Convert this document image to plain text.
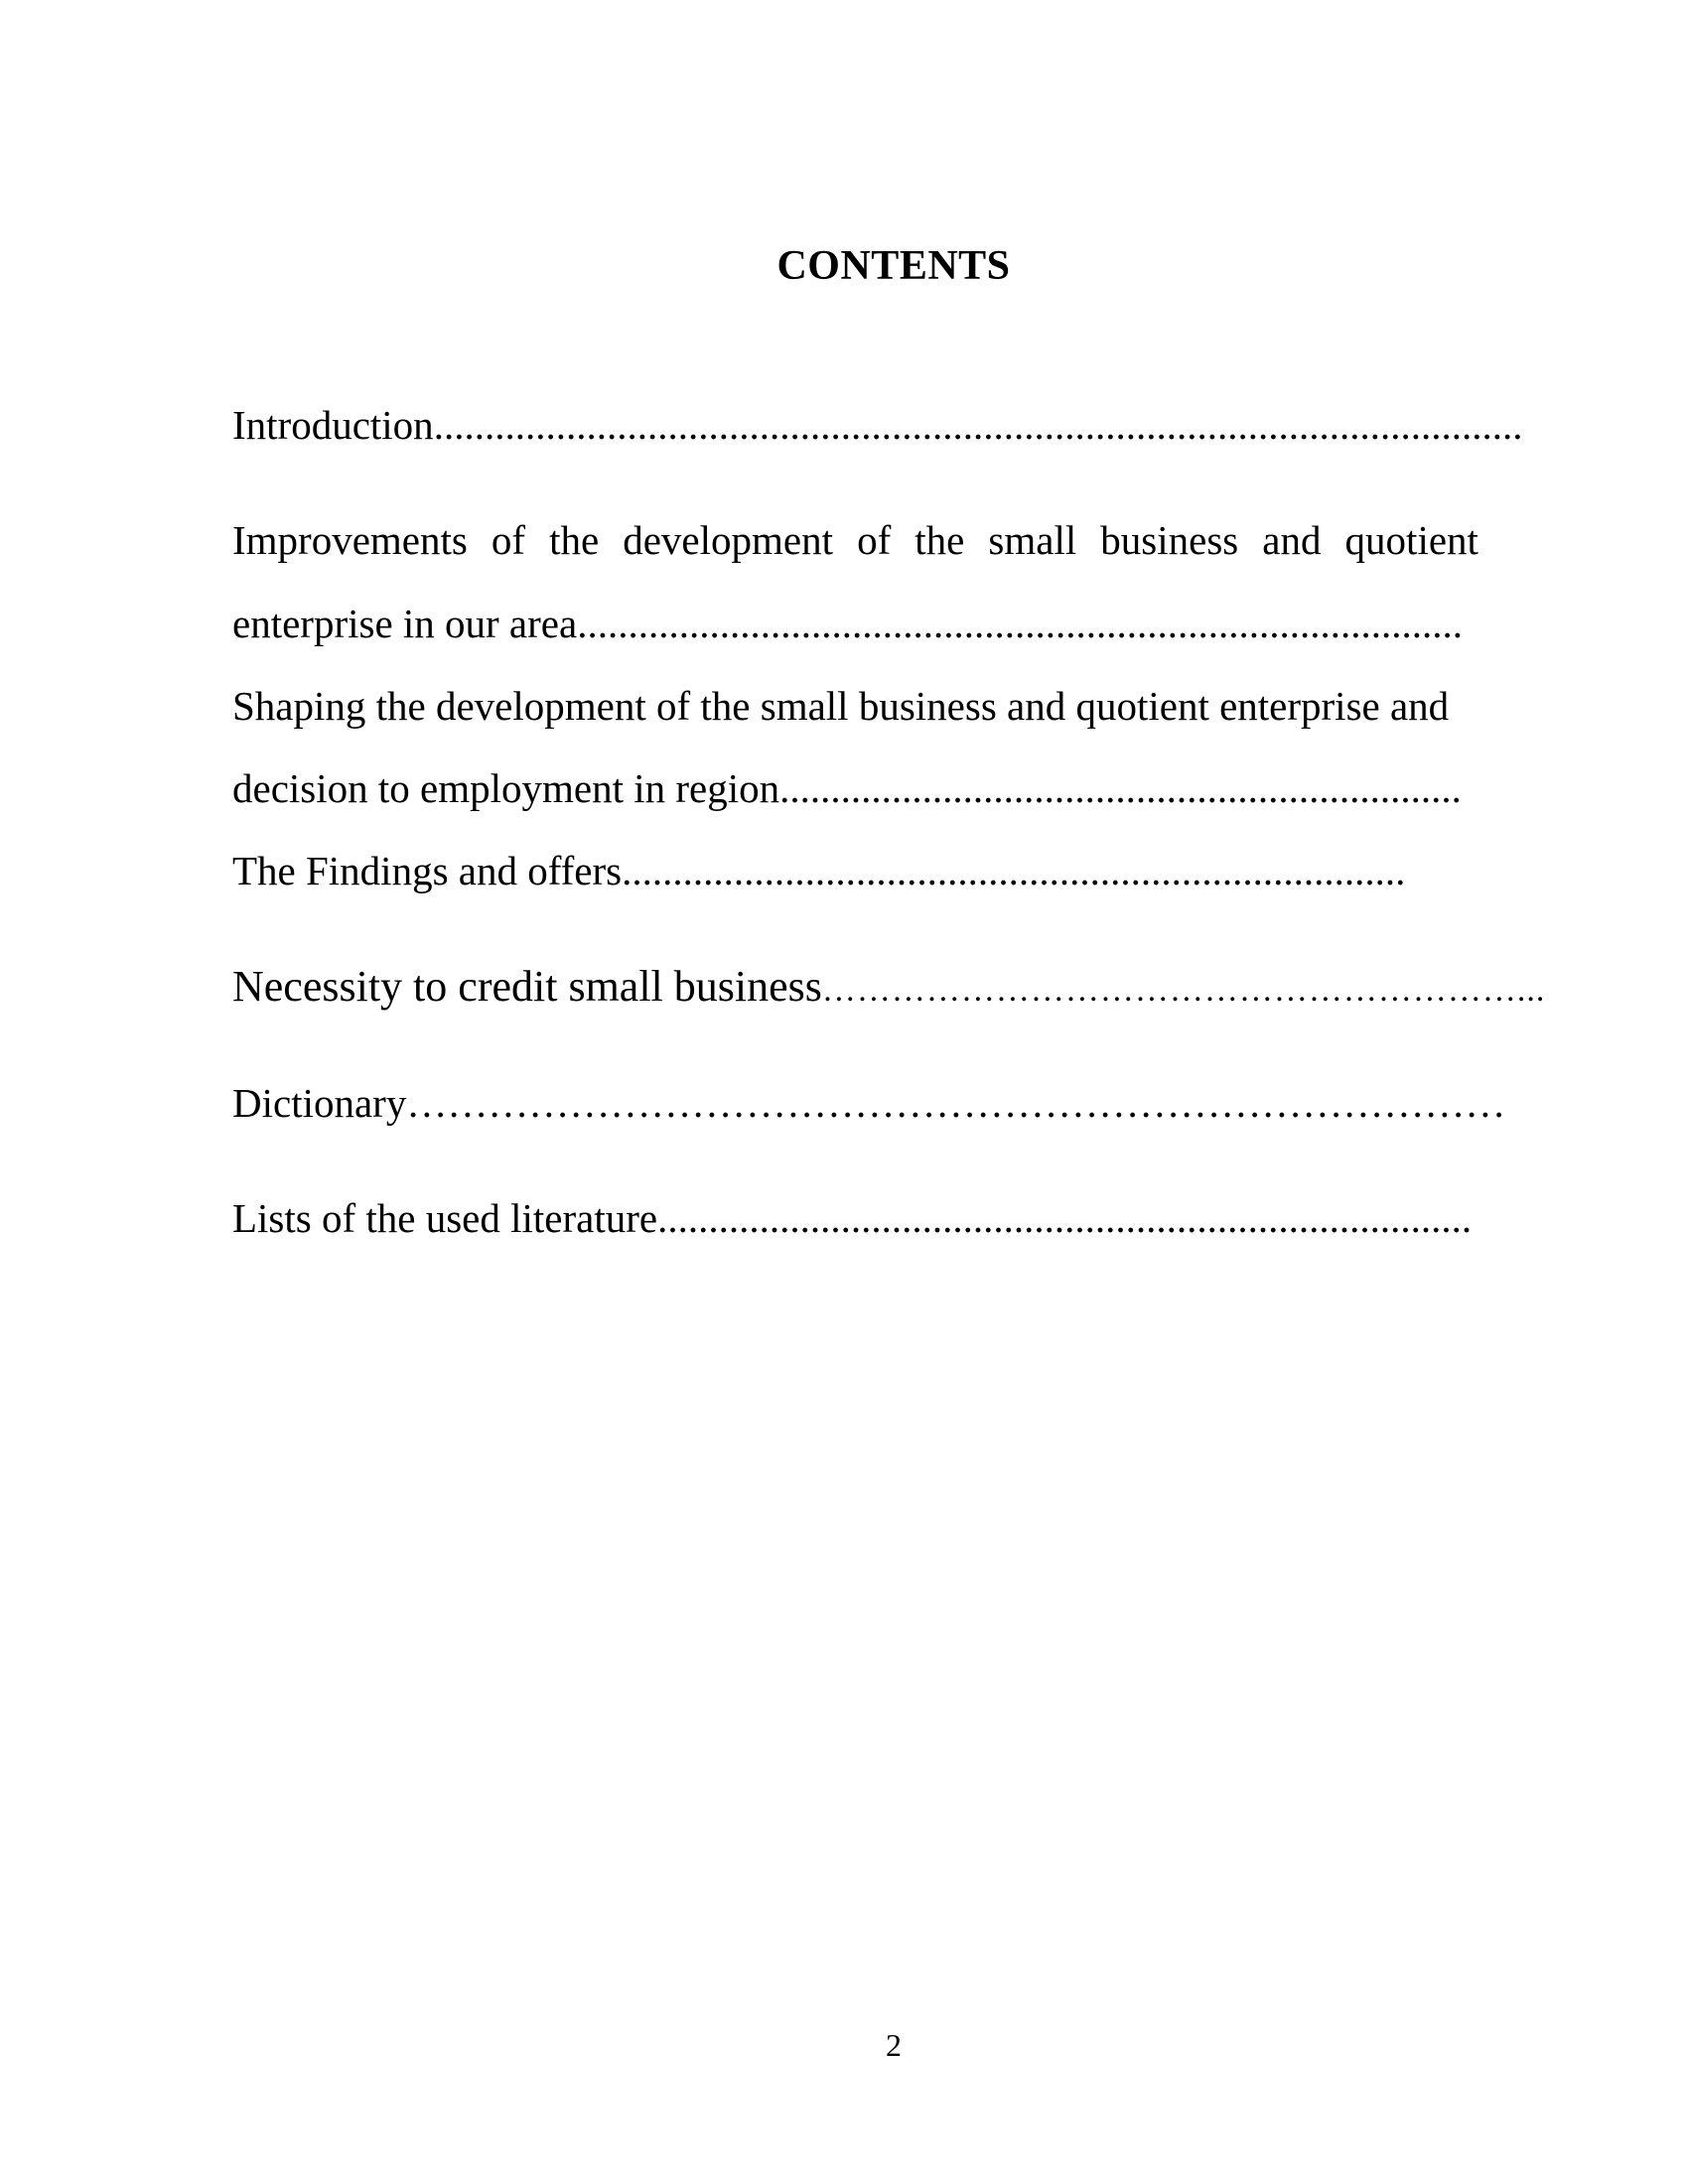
CONTENTS
Introduction...........................................................................................................
Improvements of the development of the small business and quotient
enterprise in our area.......................................................................................
Shaping the development of the small business and quotient enterprise and
decision to employment in region...................................................................
The Findings and offers.............................................................................
Necessity to credit small business……………………………………………………...
Dictionary………………………………………………………………………
Lists of the used literature................................................................................
2
